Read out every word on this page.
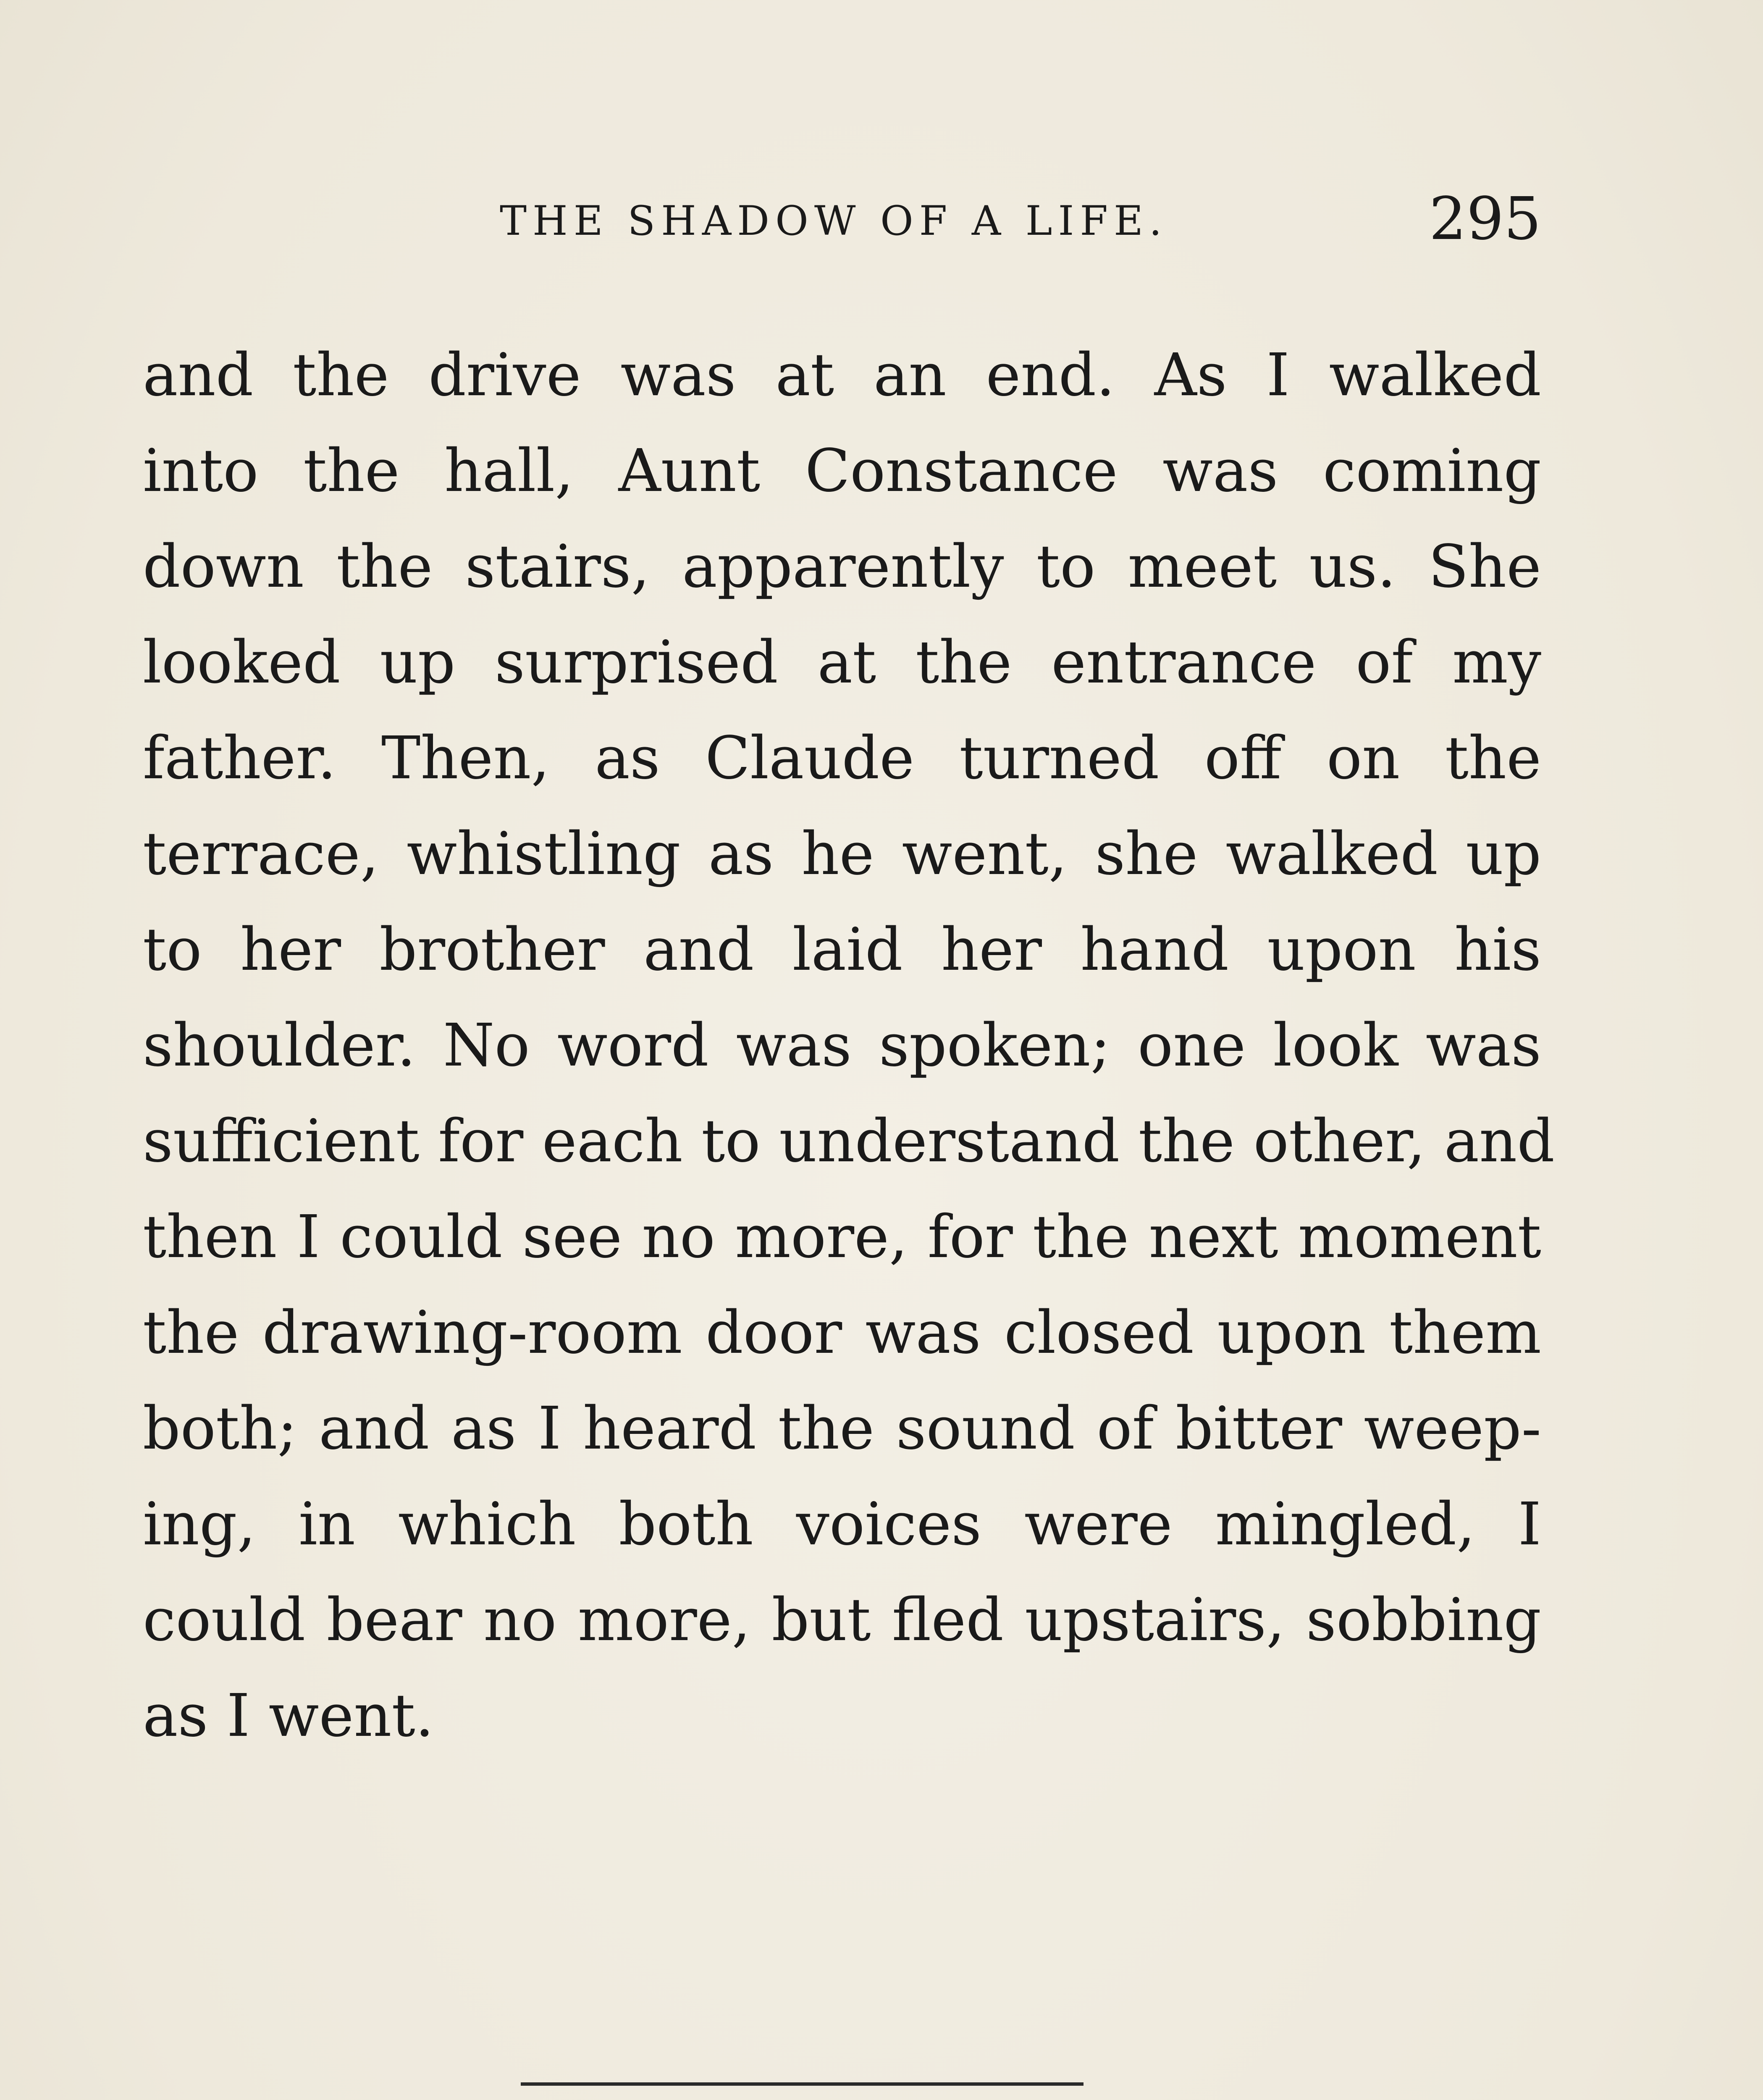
THE SHADOW OF A LIFE.	295
and the drive was at an end. As I walked
into the hall, Aunt Constance was coming
down the stairs, apparently to meet us. She
looked up surprised at the entrance of my
father. Then, as Claude turned off on the
terrace, whistling as he went, she walked up
to her brother and laid her hand upon his
shoulder. No word was spoken; one look was
sufficient for each to understand the other, and
then I could see no more, for the next moment
the drawing-room door was closed upon them
both; and as I heard the sound of bitter weep-
ing, in which both voices were mingled, I
could bear no more, but fled upstairs, sobbing
as I went.
